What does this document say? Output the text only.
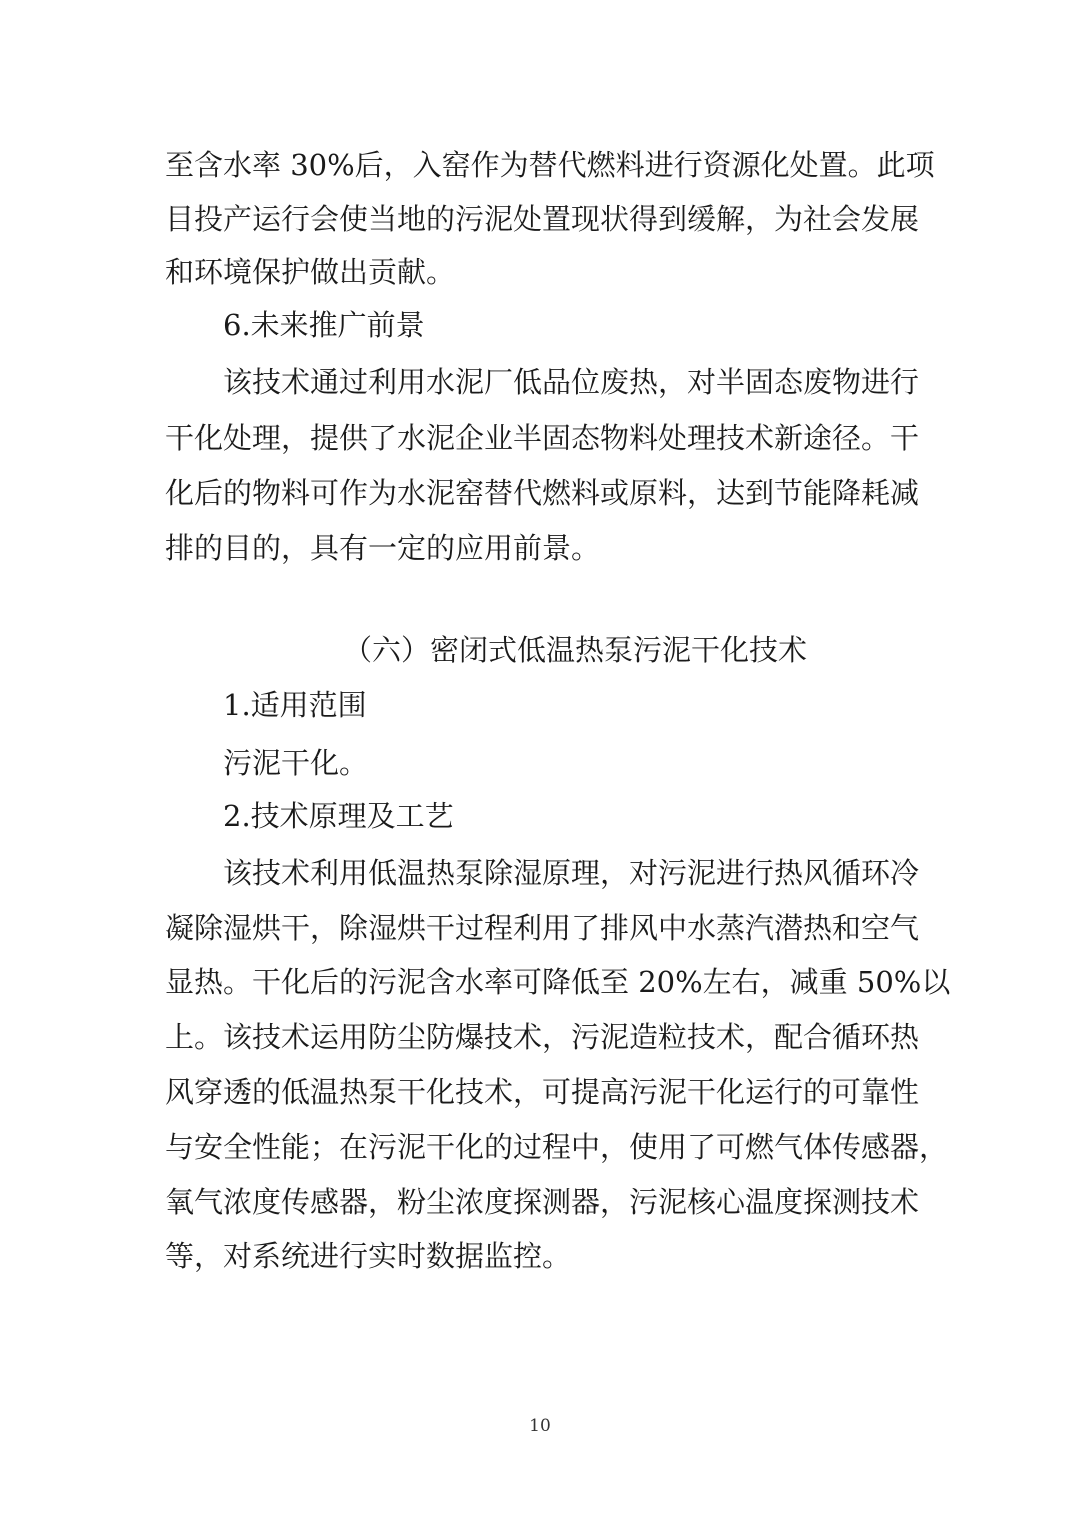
至含水率 30%后，入窑作为替代燃料进行资源化处置。此项
目投产运行会使当地的污泥处置现状得到缓解，为社会发展
和环境保护做出贡献。
6.未来推广前景
该技术通过利用水泥厂低品位废热，对半固态废物进行
干化处理，提供了水泥企业半固态物料处理技术新途径。干
化后的物料可作为水泥窑替代燃料或原料，达到节能降耗减
排的目的，具有一定的应用前景。
（六）密闭式低温热泵污泥干化技术
1.适用范围
污泥干化。
2.技术原理及工艺
该技术利用低温热泵除湿原理，对污泥进行热风循环冷
凝除湿烘干，除湿烘干过程利用了排风中水蒸汽潜热和空气
显热。干化后的污泥含水率可降低至 20%左右，减重 50%以
上。该技术运用防尘防爆技术，污泥造粒技术，配合循环热
风穿透的低温热泵干化技术，可提高污泥干化运行的可靠性
与安全性能；在污泥干化的过程中，使用了可燃气体传感器，
氧气浓度传感器，粉尘浓度探测器，污泥核心温度探测技术
等，对系统进行实时数据监控。
10
